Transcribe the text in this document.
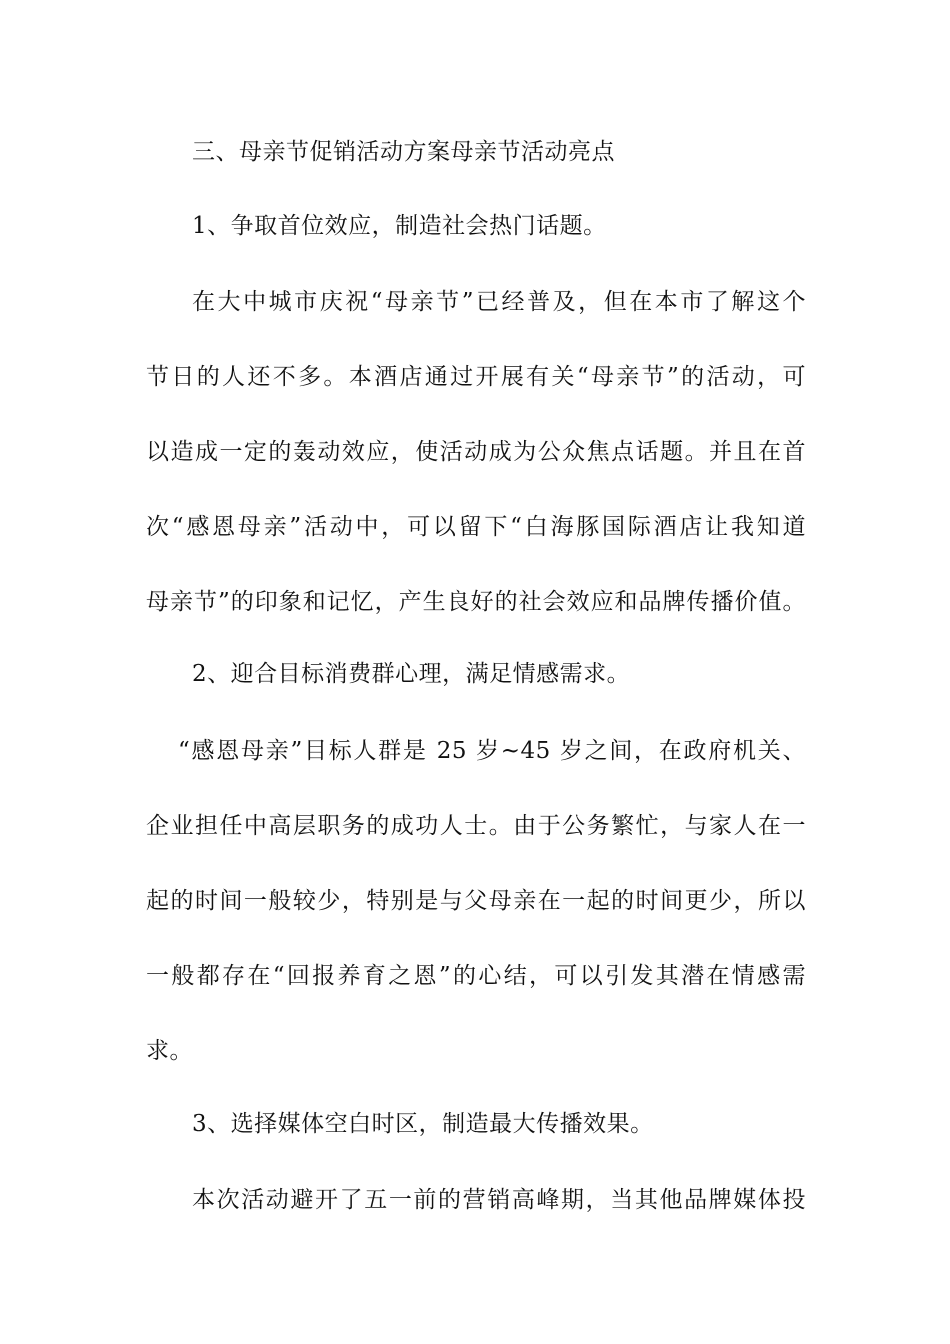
三、母亲节促销活动方案母亲节活动亮点
1、争取首位效应，制造社会热门话题。
在大中城市庆祝“母亲节”已经普及，但在本市了解这个
节日的人还不多。本酒店通过开展有关“母亲节”的活动，可
以造成一定的轰动效应，使活动成为公众焦点话题。并且在首
次“感恩母亲”活动中，可以留下“白海豚国际酒店让我知道
母亲节”的印象和记忆，产生良好的社会效应和品牌传播价值。
2、迎合目标消费群心理，满足情感需求。
“感恩母亲”目标人群是 25 岁~45 岁之间，在政府机关、
企业担任中高层职务的成功人士。由于公务繁忙，与家人在一
起的时间一般较少，特别是与父母亲在一起的时间更少，所以
一般都存在“回报养育之恩”的心结，可以引发其潜在情感需
求。
3、选择媒体空白时区，制造最大传播效果。
本次活动避开了五一前的营销高峰期，当其他品牌媒体投
